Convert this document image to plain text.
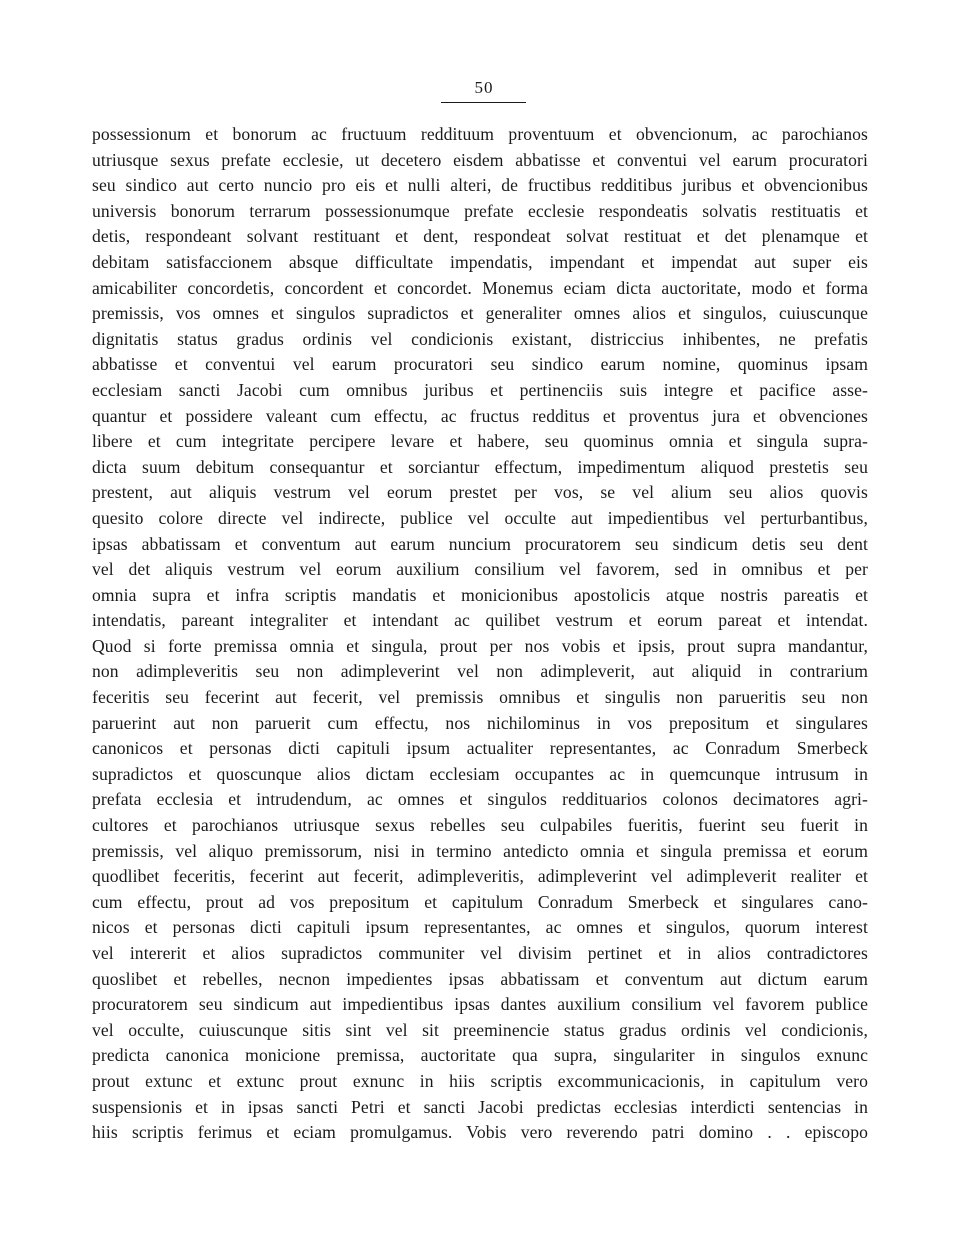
50
possessionum et bonorum ac fructuum reddituum proventuum et obvencionum, ac parochianos
utriusque sexus prefate ecclesie, ut decetero eisdem abbatisse et conventui vel earum procuratori
seu sindico aut certo nuncio pro eis et nulli alteri, de fructibus redditibus juribus et obvencionibus
universis bonorum terrarum possessionumque prefate ecclesie respondeatis solvatis restituatis et
detis, respondeant solvant restituant et dent, respondeat solvat restituat et det plenamque et
debitam satisfaccionem absque difficultate impendatis, impendant et impendat aut super eis
amicabiliter concordetis, concordent et concordet. Monemus eciam dicta auctoritate, modo et forma
premissis, vos omnes et singulos supradictos et generaliter omnes alios et singulos, cuiuscunque
dignitatis status gradus ordinis vel condicionis existant, districcius inhibentes, ne prefatis
abbatisse et conventui vel earum procuratori seu sindico earum nomine, quominus ipsam
ecclesiam sancti Jacobi cum omnibus juribus et pertinenciis suis integre et pacifice asse-
quantur et possidere valeant cum effectu, ac fructus redditus et proventus jura et obvenciones
libere et cum integritate percipere levare et habere, seu quominus omnia et singula supra-
dicta suum debitum consequantur et sorciantur effectum, impedimentum aliquod prestetis seu
prestent, aut aliquis vestrum vel eorum prestet per vos, se vel alium seu alios quovis
quesito colore directe vel indirecte, publice vel occulte aut impedientibus vel perturbantibus,
ipsas abbatissam et conventum aut earum nuncium procuratorem seu sindicum detis seu dent
vel det aliquis vestrum vel eorum auxilium consilium vel favorem, sed in omnibus et per
omnia supra et infra scriptis mandatis et monicionibus apostolicis atque nostris pareatis et
intendatis, pareant integraliter et intendant ac quilibet vestrum et eorum pareat et intendat.
Quod si forte premissa omnia et singula, prout per nos vobis et ipsis, prout supra mandantur,
non adimpleveritis seu non adimpleverint vel non adimpleverit, aut aliquid in contrarium
feceritis seu fecerint aut fecerit, vel premissis omnibus et singulis non parueritis seu non
paruerint aut non paruerit cum effectu, nos nichilominus in vos prepositum et singulares
canonicos et personas dicti capituli ipsum actualiter representantes, ac Conradum Smerbeck
supradictos et quoscunque alios dictam ecclesiam occupantes ac in quemcunque intrusum in
prefata ecclesia et intrudendum, ac omnes et singulos reddituarios colonos decimatores agri-
cultores et parochianos utriusque sexus rebelles seu culpabiles fueritis, fuerint seu fuerit in
premissis, vel aliquo premissorum, nisi in termino antedicto omnia et singula premissa et eorum
quodlibet feceritis, fecerint aut fecerit, adimpleveritis, adimpleverint vel adimpleverit realiter et
cum effectu, prout ad vos prepositum et capitulum Conradum Smerbeck et singulares cano-
nicos et personas dicti capituli ipsum representantes, ac omnes et singulos, quorum interest
vel intererit et alios supradictos communiter vel divisim pertinet et in alios contradictores
quoslibet et rebelles, necnon impedientes ipsas abbatissam et conventum aut dictum earum
procuratorem seu sindicum aut impedientibus ipsas dantes auxilium consilium vel favorem publice
vel occulte, cuiuscunque sitis sint vel sit preeminencie status gradus ordinis vel condicionis,
predicta canonica monicione premissa, auctoritate qua supra, singulariter in singulos exnunc
prout extunc et extunc prout exnunc in hiis scriptis excommunicacionis, in capitulum vero
suspensionis et in ipsas sancti Petri et sancti Jacobi predictas ecclesias interdicti sentencias in
hiis scriptis ferimus et eciam promulgamus. Vobis vero reverendo patri domino . . episcopo
